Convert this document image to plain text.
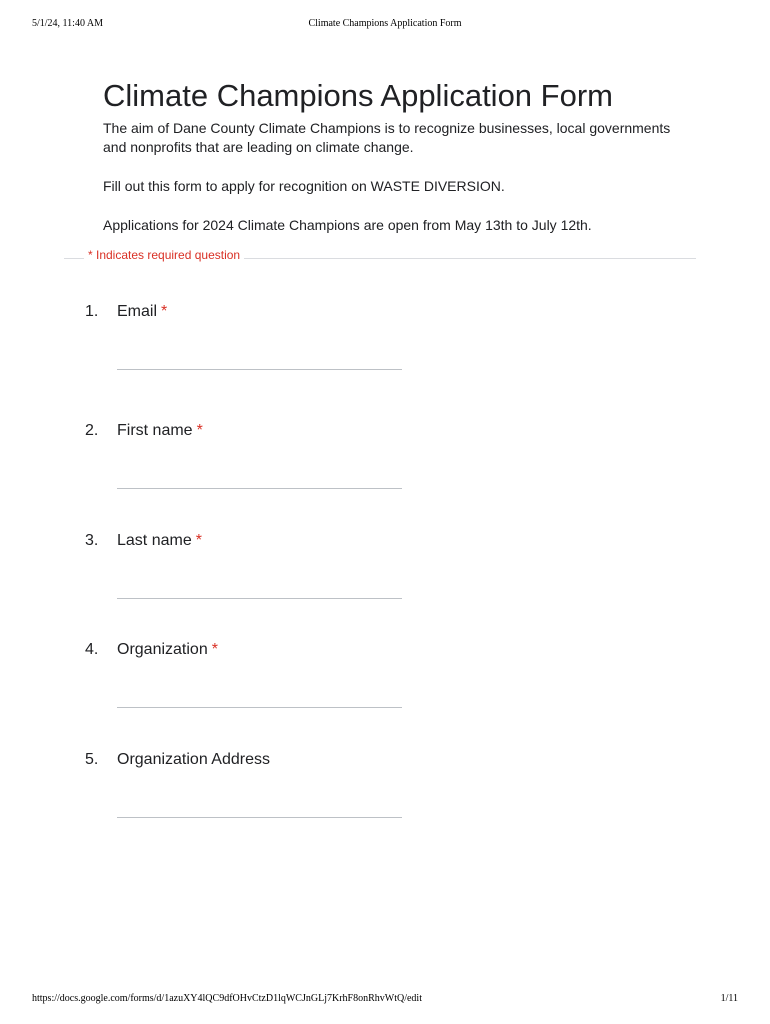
5/1/24, 11:40 AM	Climate Champions Application Form
Climate Champions Application Form

The aim of Dane County Climate Champions is to recognize businesses, local governments and nonprofits that are leading on climate change.

Fill out this form to apply for recognition on WASTE DIVERSION.

Applications for 2024 Climate Champions are open from May 13th to July 12th.

* Indicates required question
1. Email *
2. First name *
3. Last name *
4. Organization *
5. Organization Address
https://docs.google.com/forms/d/1azuXY4lQC9dfOHvCtzD1lqWCJnGLj7KrhF8onRhvWtQ/edit	1/11
